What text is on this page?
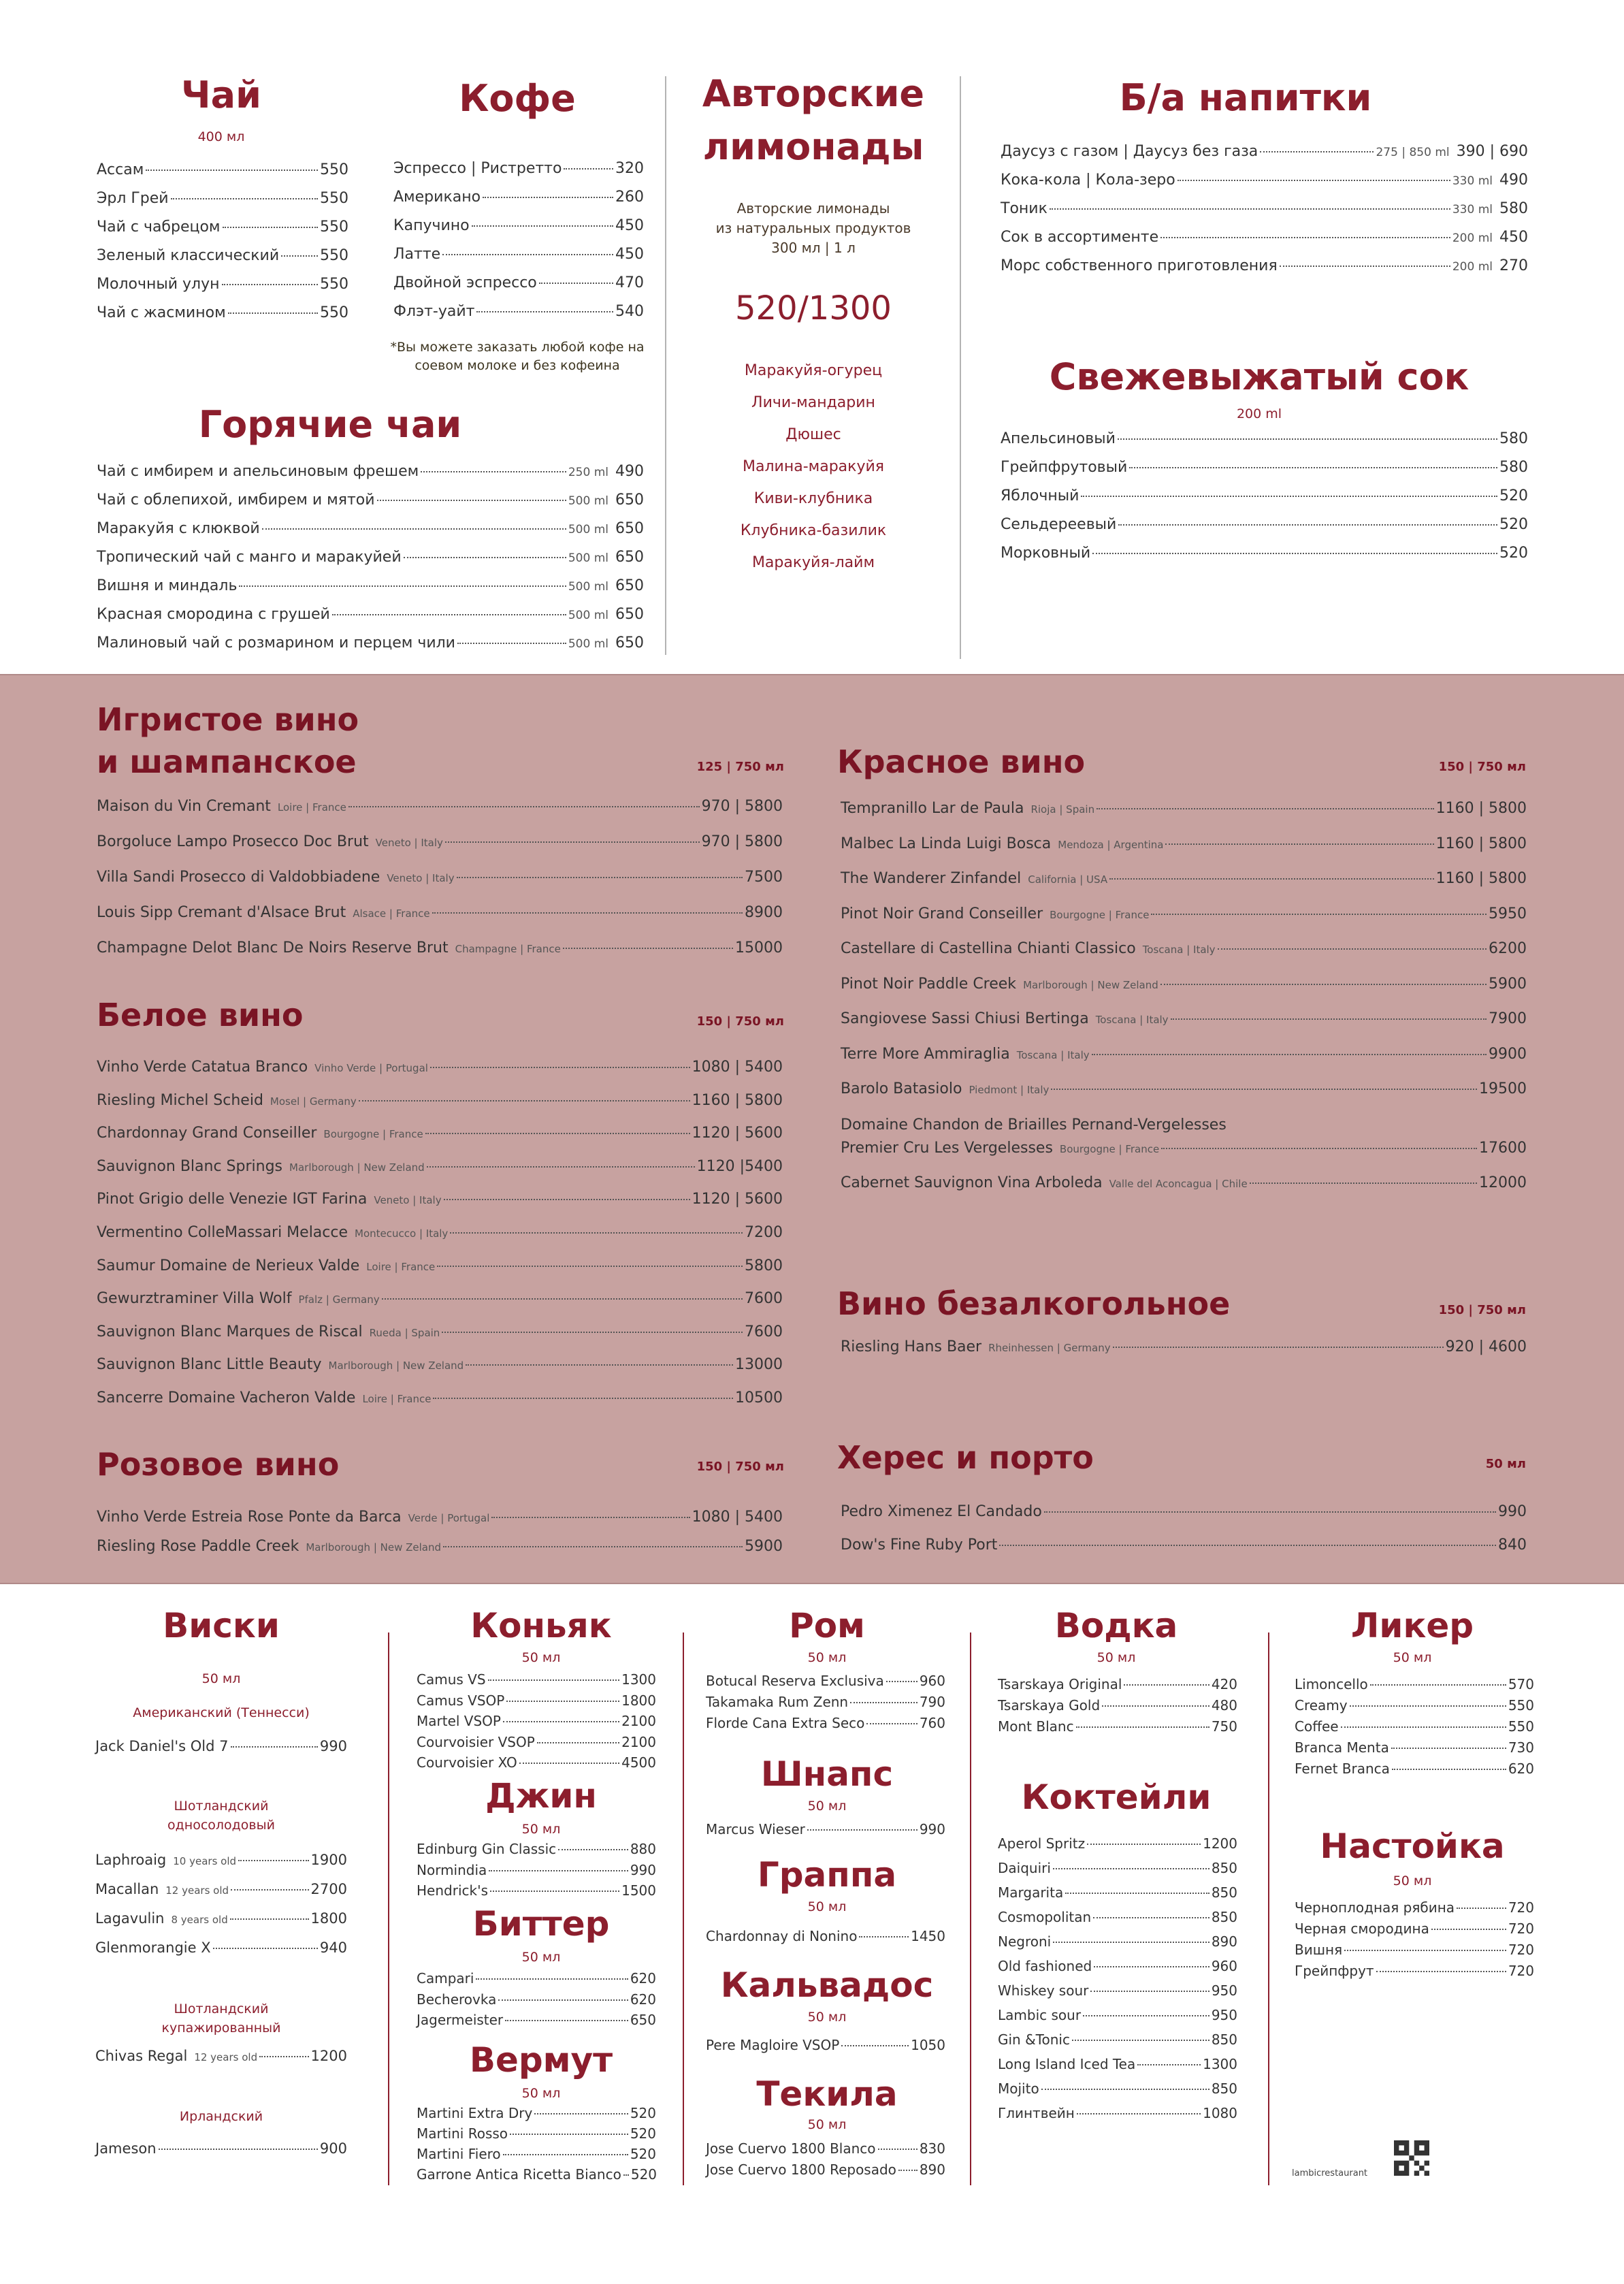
Чай
400 мл
Ассам	550
Эрл Грей	550
Чай с чабрецом	550
Зеленый классический	550
Молочный улун	550
Чай с жасмином	550
Кофе
Эспрессо | Ристретто	320
Американо	260
Капучино	450
Латте	450
Двойной эспрессо	470
Флэт-уайт	540
*Вы можете заказать любой кофе на соевом молоке и без кофеина
Горячие чаи
Чай с имбирем и апельсиновым фрешем	250 ml 490
Чай с облепихой, имбирем и мятой	500 ml 650
Маракуйя с клюквой	500 ml 650
Тропический чай с манго и маракуйей	500 ml 650
Вишня и миндаль	500 ml 650
Красная смородина с грушей	500 ml 650
Малиновый чай с розмарином и перцем чили	500 ml 650
Авторские
лимонады
Авторские лимонады
из натуральных продуктов
300 мл | 1 л
520/1300
Маракуйя-огурец
Личи-мандарин
Дюшес
Малина-маракуйя
Киви-клубника
Клубника-базилик
Маракуйя-лайм
Б/а напитки
Даусуз с газом | Даусуз без газа	275 | 850 ml 390 | 690
Кока-кола | Кола-зеро	330 ml 490
Тоник	330 ml 580
Сок в ассортименте	200 ml 450
Морс собственного приготовления	200 ml 270
Свежевыжатый сок
200 ml
Апельсиновый	580
Грейпфрутовый	580
Яблочный	520
Сельдереевый	520
Морковный	520
Игристое вино
и шампанское	125 | 750 мл
Maison du Vin Cremant Loire | France	970 | 5800
Borgoluce Lampo Prosecco Doc Brut Veneto | Italy	970 | 5800
Villa Sandi Prosecco di Valdobbiadene Veneto | Italy	7500
Louis Sipp Cremant d'Alsace Brut Alsace | France	8900
Champagne Delot Blanc De Noirs Reserve Brut Champagne | France	15000
Белое вино	150 | 750 мл
Vinho Verde Catatua Branco Vinho Verde | Portugal	1080 | 5400
Riesling Michel Scheid Mosel | Germany	1160 | 5800
Chardonnay Grand Conseiller Bourgogne | France	1120 | 5600
Sauvignon Blanc Springs Marlborough | New Zeland	1120 |5400
Pinot Grigio delle Venezie IGT Farina Veneto | Italy	1120 | 5600
Vermentino ColleMassari Melacce Montecucco | Italy	7200
Saumur Domaine de Nerieux Valde Loire | France	5800
Gewurztraminer Villa Wolf Pfalz | Germany	7600
Sauvignon Blanc Marques de Riscal Rueda | Spain	7600
Sauvignon Blanc Little Beauty Marlborough | New Zeland	13000
Sancerre Domaine Vacheron Valde Loire | France	10500
Розовое вино	150 | 750 мл
Vinho Verde Estreia Rose Ponte da Barca Verde | Portugal	1080 | 5400
Riesling Rose Paddle Creek Marlborough | New Zeland	5900
Красное вино	150 | 750 мл
Tempranillo Lar de Paula Rioja | Spain	1160 | 5800
Malbec La Linda Luigi Bosca Mendoza | Argentina	1160 | 5800
The Wanderer Zinfandel California | USA	1160 | 5800
Pinot Noir Grand Conseiller Bourgogne | France	5950
Castellare di Castellina Chianti Classico Toscana | Italy	6200
Pinot Noir Paddle Creek Marlborough | New Zeland	5900
Sangiovese Sassi Chiusi Bertinga Toscana | Italy	7900
Terre More Ammiraglia Toscana | Italy	9900
Barolo Batasiolo Piedmont | Italy	19500
Domaine Chandon de Briailles Pernand-Vergelesses
Premier Cru Les Vergelesses Bourgogne | France	17600
Cabernet Sauvignon Vina Arboleda Valle del Aconcagua | Chile	12000
Вино безалкогольное	150 | 750 мл
Riesling Hans Baer Rheinhessen | Germany	920 | 4600
Херес и порто	50 мл
Pedro Ximenez El Candado	990
Dow's Fine Ruby Port	840
Виски
50 мл
Американский (Теннесси)
Jack Daniel's Old 7	990
Шотландский
односолодовый
Laphroaig 10 years old	1900
Macallan 12 years old	2700
Lagavulin 8 years old	1800
Glenmorangie X	940
Шотландский
купажированный
Chivas Regal 12 years old	1200
Ирландский
Jameson	900
Коньяк
50 мл
Camus VS	1300
Camus VSOP	1800
Martel VSOP	2100
Courvoisier VSOP	2100
Courvoisier XO	4500
Джин
50 мл
Edinburg Gin Classic	880
Normindia	990
Hendrick's	1500
Биттер
50 мл
Campari	620
Becherovka	620
Jagermeister	650
Вермут
50 мл
Martini Extra Dry	520
Martini Rosso	520
Martini Fiero	520
Garrone Antica Ricetta Bianco 520
Ром
50 мл
Botucal Reserva Exclusiva	960
Takamaka Rum Zenn	790
Florde Cana Extra Seco	760
Шнапс
50 мл
Marcus Wieser	990
Граппа
50 мл
Chardonnay di Nonino	1450
Кальвадос
50 мл
Pere Magloire VSOP	1050
Текила
50 мл
Jose Cuervo 1800 Blanco	830
Jose Cuervo 1800 Reposado 890
Водка
50 мл
Tsarskaya Original	420
Tsarskaya Gold	480
Mont Blanc	750
Коктейли
Aperol Spritz	1200
Daiquiri	850
Margarita	850
Cosmopolitan	850
Negroni	890
Old fashioned	960
Whiskey sour	950
Lambic sour	950
Gin &Tonic	850
Long Island Iced Tea	1300
Mojito	850
Глинтвейн	1080
Ликер
50 мл
Limoncello	570
Creamy	550
Coffee	550
Branca Menta	730
Fernet Branca	620
Настойка
50 мл
Черноплодная рябина	720
Черная смородина	720
Вишня	720
Грейпфрут	720
lambicrestaurant
